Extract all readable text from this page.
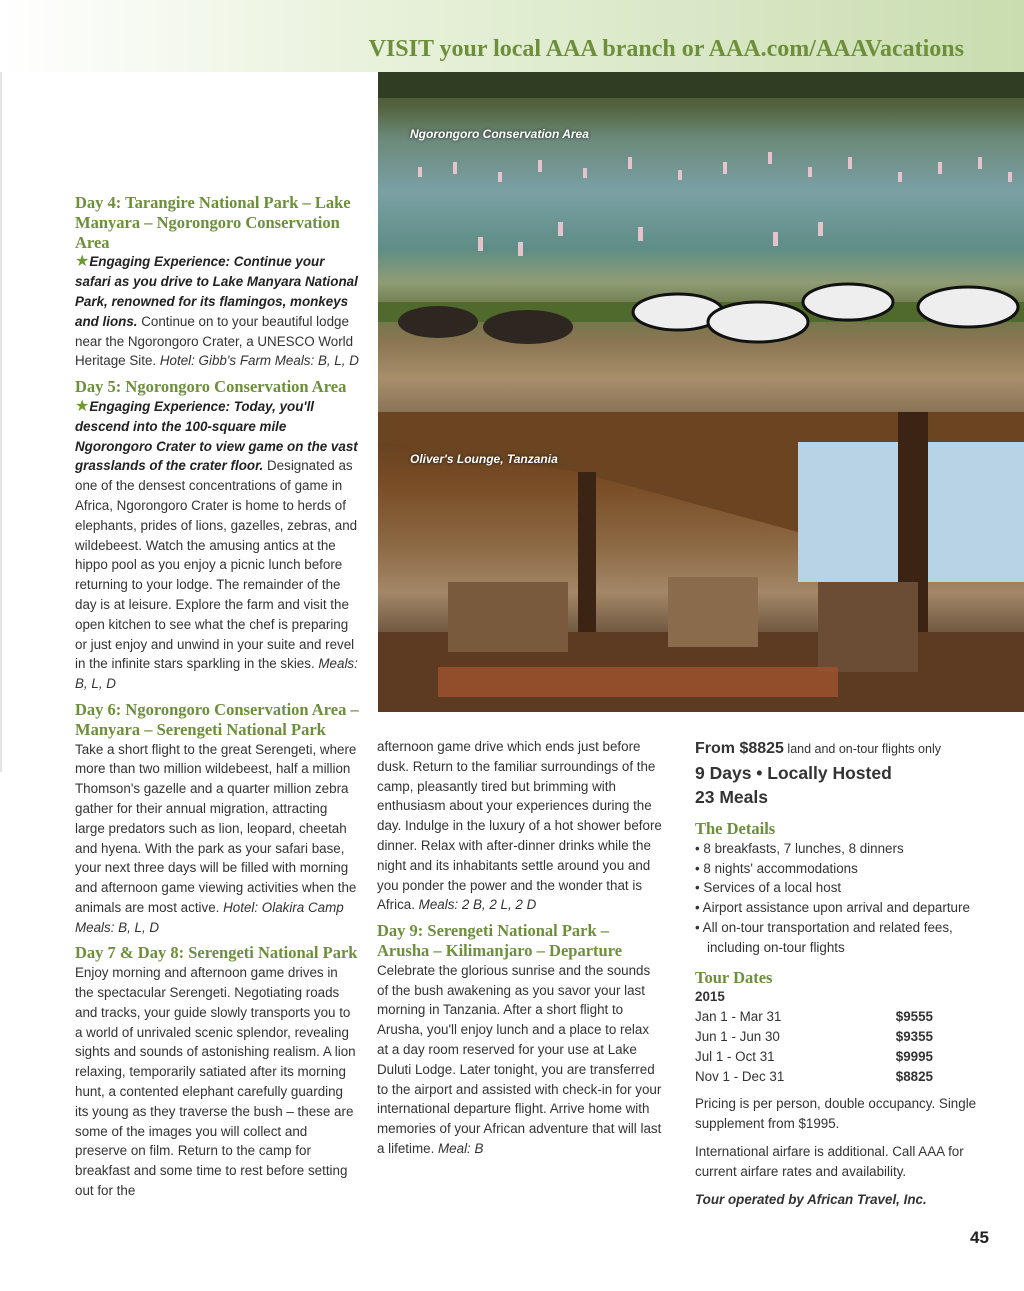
VISIT your local AAA branch or AAA.com/AAAVacations
Ngorongoro Conservation Area
Oliver's Lounge, Tanzania
Day 4: Tarangire National Park – Lake Manyara – Ngorongoro Conservation Area

★Engaging Experience: Continue your safari as you drive to Lake Manyara National Park, renowned for its flamingos, monkeys and lions. Continue on to your beautiful lodge near the Ngorongoro Crater, a UNESCO World Heritage Site. Hotel: Gibb's Farm Meals: B, L, D

Day 5: Ngorongoro Conservation Area

★Engaging Experience: Today, you'll descend into the 100-square mile Ngorongoro Crater to view game on the vast grasslands of the crater floor. Designated as one of the densest concentrations of game in Africa, Ngorongoro Crater is home to herds of elephants, prides of lions, gazelles, zebras, and wildebeest. Watch the amusing antics at the hippo pool as you enjoy a picnic lunch before returning to your lodge. The remainder of the day is at leisure. Explore the farm and visit the open kitchen to see what the chef is preparing or just enjoy and unwind in your suite and revel in the infinite stars sparkling in the skies. Meals: B, L, D

Day 6: Ngorongoro Conservation Area – Manyara – Serengeti National Park

Take a short flight to the great Serengeti, where more than two million wildebeest, half a million Thomson's gazelle and a quarter million zebra gather for their annual migration, attracting large predators such as lion, leopard, cheetah and hyena. With the park as your safari base, your next three days will be filled with morning and afternoon game viewing activities when the animals are most active. Hotel: Olakira Camp Meals: B, L, D

Day 7 & Day 8: Serengeti National Park

Enjoy morning and afternoon game drives in the spectacular Serengeti. Negotiating roads and tracks, your guide slowly transports you to a world of unrivaled scenic splendor, revealing sights and sounds of astonishing realism. A lion relaxing, temporarily satiated after its morning hunt, a contented elephant carefully guarding its young as they traverse the bush – these are some of the images you will collect and preserve on film. Return to the camp for breakfast and some time to rest before setting out for the

afternoon game drive which ends just before dusk. Return to the familiar surroundings of the camp, pleasantly tired but brimming with enthusiasm about your experiences during the day. Indulge in the luxury of a hot shower before dinner. Relax with after-dinner drinks while the night and its inhabitants settle around you and you ponder the power and the wonder that is Africa. Meals: 2 B, 2 L, 2 D

Day 9: Serengeti National Park – Arusha – Kilimanjaro – Departure

Celebrate the glorious sunrise and the sounds of the bush awakening as you savor your last morning in Tanzania. After a short flight to Arusha, you'll enjoy lunch and a place to relax at a day room reserved for your use at Lake Duluti Lodge. Later tonight, you are transferred to the airport and assisted with check-in for your international departure flight. Arrive home with memories of your African adventure that will last a lifetime. Meal: B

From $8825 land and on-tour flights only
9 Days • Locally Hosted
23 Meals
The Details
• 8 breakfasts, 7 lunches, 8 dinners
• 8 nights' accommodations
• Services of a local host
• Airport assistance upon arrival and departure
• All on-tour transportation and related fees, including on-tour flights
Tour Dates
2015
Jan 1 - Mar 31	$9555
Jun 1 - Jun 30	$9355
Jul 1 - Oct 31	$9995
Nov 1 - Dec 31	$8825

Pricing is per person, double occupancy. Single supplement from $1995.

International airfare is additional. Call AAA for current airfare rates and availability.

Tour operated by African Travel, Inc.

45
